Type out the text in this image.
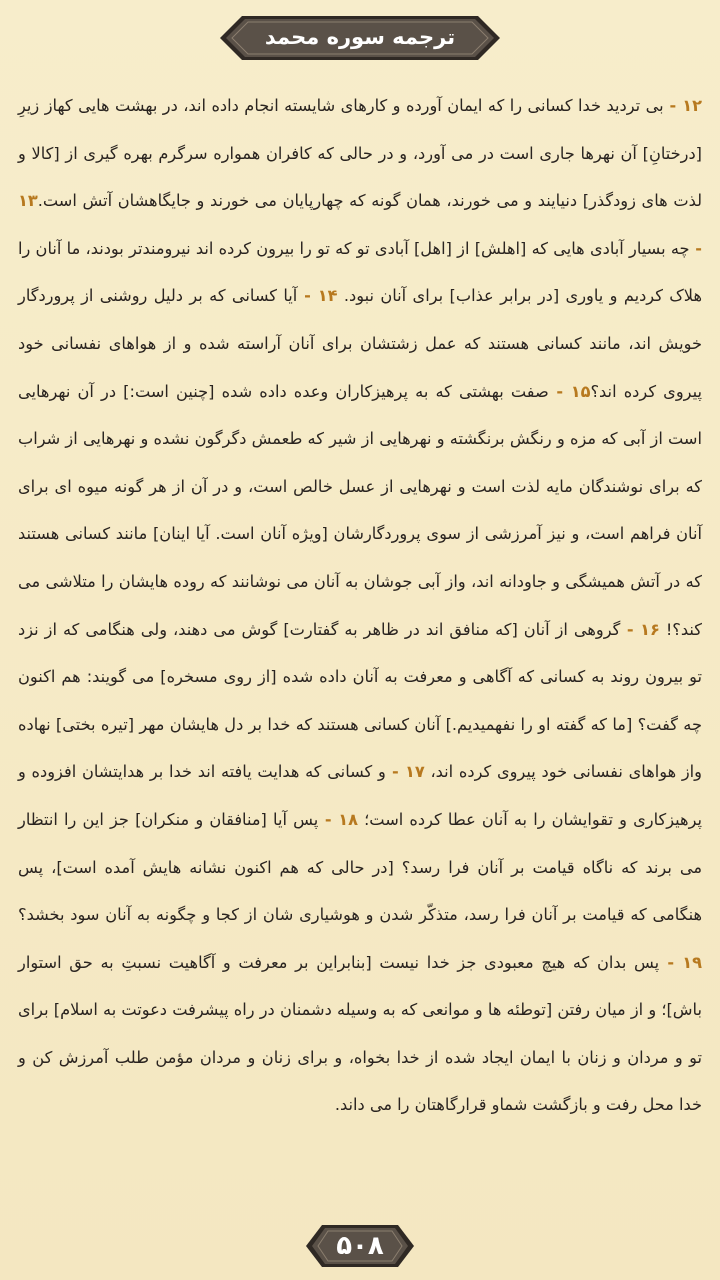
ترجمه سوره محمد
۱۲ - بی تردید خدا کسانی را که ایمان آورده و کارهای شایسته انجام داده اند، در بهشت هایی کهاز زیرِ [درختانِ] آن نهرها جاری است در می آورد، و در حالی که کافران همواره سرگرم بهره گیری از [کالا و لذت های زودگذر] دنیایند و می خورند، همان گونه که چهارپایان می خورند و جایگاهشان آتش است.۱۳ - چه بسیار آبادی هایی که [اهلش] از [اهل] آبادی تو که تو را بیرون کرده اند نیرومندتر بودند، ما آنان را هلاک کردیم و یاوری [در برابر عذاب] برای آنان نبود. ۱۴ - آیا کسانی که بر دلیل روشنی از پروردگار خویش اند، مانند کسانی هستند که عمل زشتشان برای آنان آراسته شده و از هواهای نفسانی خود پیروی کرده اند؟۱۵ - صفت بهشتی که به پرهیزکاران وعده داده شده [چنین است:] در آن نهرهایی است از آبی که مزه و رنگش برنگشته و نهرهایی از شیر که طعمش دگرگون نشده و نهرهایی از شراب که برای نوشندگان مایه لذت است و نهرهایی از عسل خالص است، و در آن از هر گونه میوه ای برای آنان فراهم است، و نیز آمرزشی از سوی پروردگارشان [ویژه آنان است. آیا اینان] مانند کسانی هستند که در آتش همیشگی و جاودانه اند، واز آبی جوشان به آنان می نوشانند که روده هایشان را متلاشی می کند؟! ۱۶ - گروهی از آنان [که منافق اند در ظاهر به گفتارت] گوش می دهند، ولی هنگامی که از نزد تو بیرون روند به کسانی که آگاهی و معرفت به آنان داده شده [از روی مسخره] می گویند: هم اکنون چه گفت؟ [ما که گفته او را نفهمیدیم.] آنان کسانی هستند که خدا بر دل هایشان مهر [تیره بختی] نهاده واز هواهای نفسانی خود پیروی کرده اند، ۱۷ - و کسانی که هدایت یافته اند خدا بر هدایتشان افزوده و پرهیزکاری و تقوایشان را به آنان عطا کرده است؛ ۱۸ - پس آیا [منافقان و منکران] جز این را انتظار می برند که ناگاه قیامت بر آنان فرا رسد؟ [در حالی که هم اکنون نشانه هایش آمده است]، پس هنگامی که قیامت بر آنان فرا رسد، متذکّر شدن و هوشیاری شان از کجا و چگونه به آنان سود بخشد؟ ۱۹ - پس بدان که هیچ معبودی جز خدا نیست [بنابراین بر معرفت و آگاهیت نسبتِ به حق استوار باش]؛ و از میان رفتن [توطئه ها و موانعی که به وسیله دشمنان در راه پیشرفت دعوتت به اسلام] برای تو و مردان و زنان با ایمان ایجاد شده از خدا بخواه، و برای زنان و مردان مؤمن طلب آمرزش کن و خدا محل رفت و بازگشت شماو قرارگاهتان را می داند.
۵۰۸
